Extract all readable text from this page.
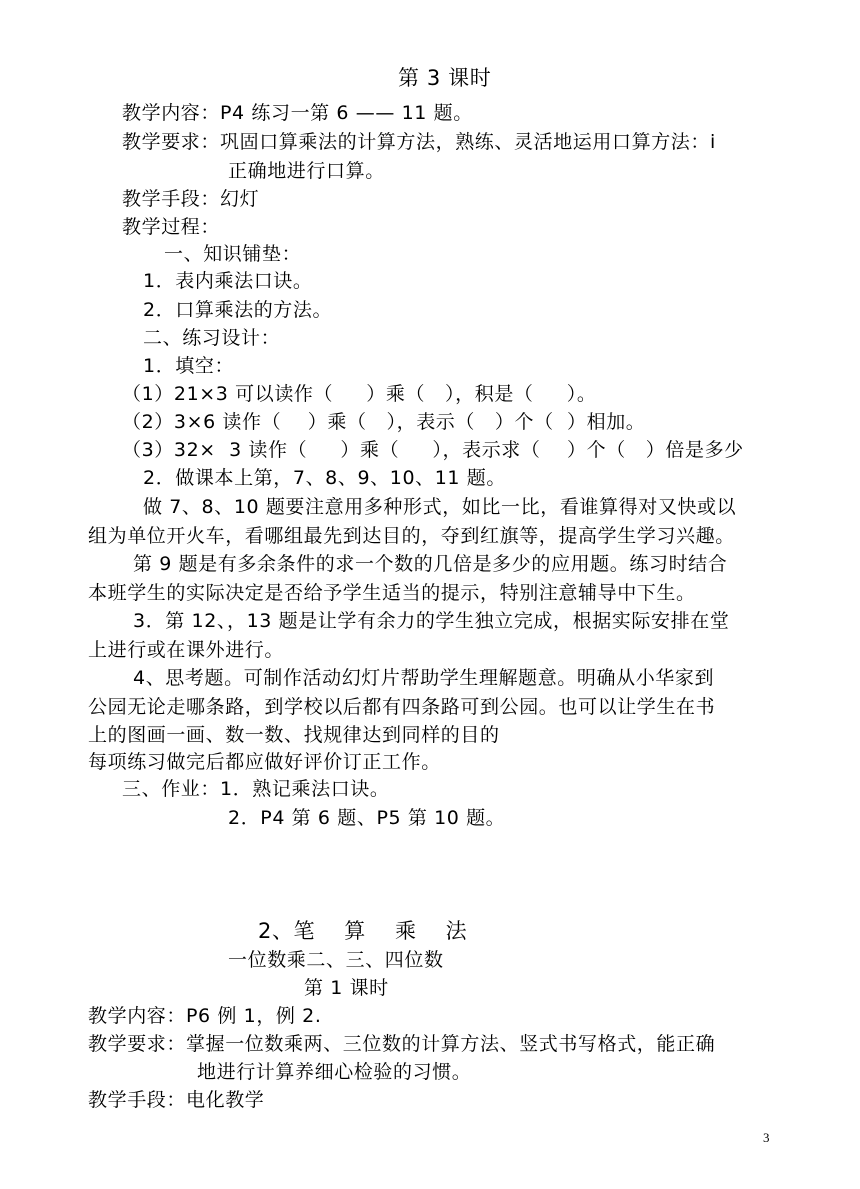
第 3 课时
教学内容：P4 练习一第 6 —— 11 题。
教学要求：巩固口算乘法的计算方法，熟练、灵活地运用口算方法：i
正确地进行口算。
教学手段：幻灯
教学过程：
一、知识铺垫：
1．表内乘法口诀。
2．口算乘法的方法。
二、练习设计：
1．填空：
（1）21×3 可以读作（     ）乘（   ），积是（     ）。
（2）3×6 读作（    ）乘（   ），表示（   ）个（  ）相加。
（3）32×  3 读作（     ）乘（     ），表示求（    ）个（   ）倍是多少
2．做课本上第，7、8、9、10、11 题。
做 7、8、10 题要注意用多种形式，如比一比，看谁算得对又快或以
组为单位开火车，看哪组最先到达目的，夺到红旗等，提高学生学习兴趣。
第 9 题是有多余条件的求一个数的几倍是多少的应用题。练习时结合
本班学生的实际决定是否给予学生适当的提示，特别注意辅导中下生。
3．第 12、，13 题是让学有余力的学生独立完成，根据实际安排在堂
上进行或在课外进行。
4、思考题。可制作活动幻灯片帮助学生理解题意。明确从小华家到
公园无论走哪条路，到学校以后都有四条路可到公园。也可以让学生在书
上的图画一画、数一数、找规律达到同样的目的
每项练习做完后都应做好评价订正工作。
三、作业：1．熟记乘法口诀。
2．P4 第 6 题、P5 第 10 题。
2、笔    算    乘    法
一位数乘二、三、四位数
第 1 课时
教学内容：P6 例 1，例 2.
教学要求：掌握一位数乘两、三位数的计算方法、竖式书写格式，能正确
地进行计算养细心检验的习惯。
教学手段：电化教学
3
